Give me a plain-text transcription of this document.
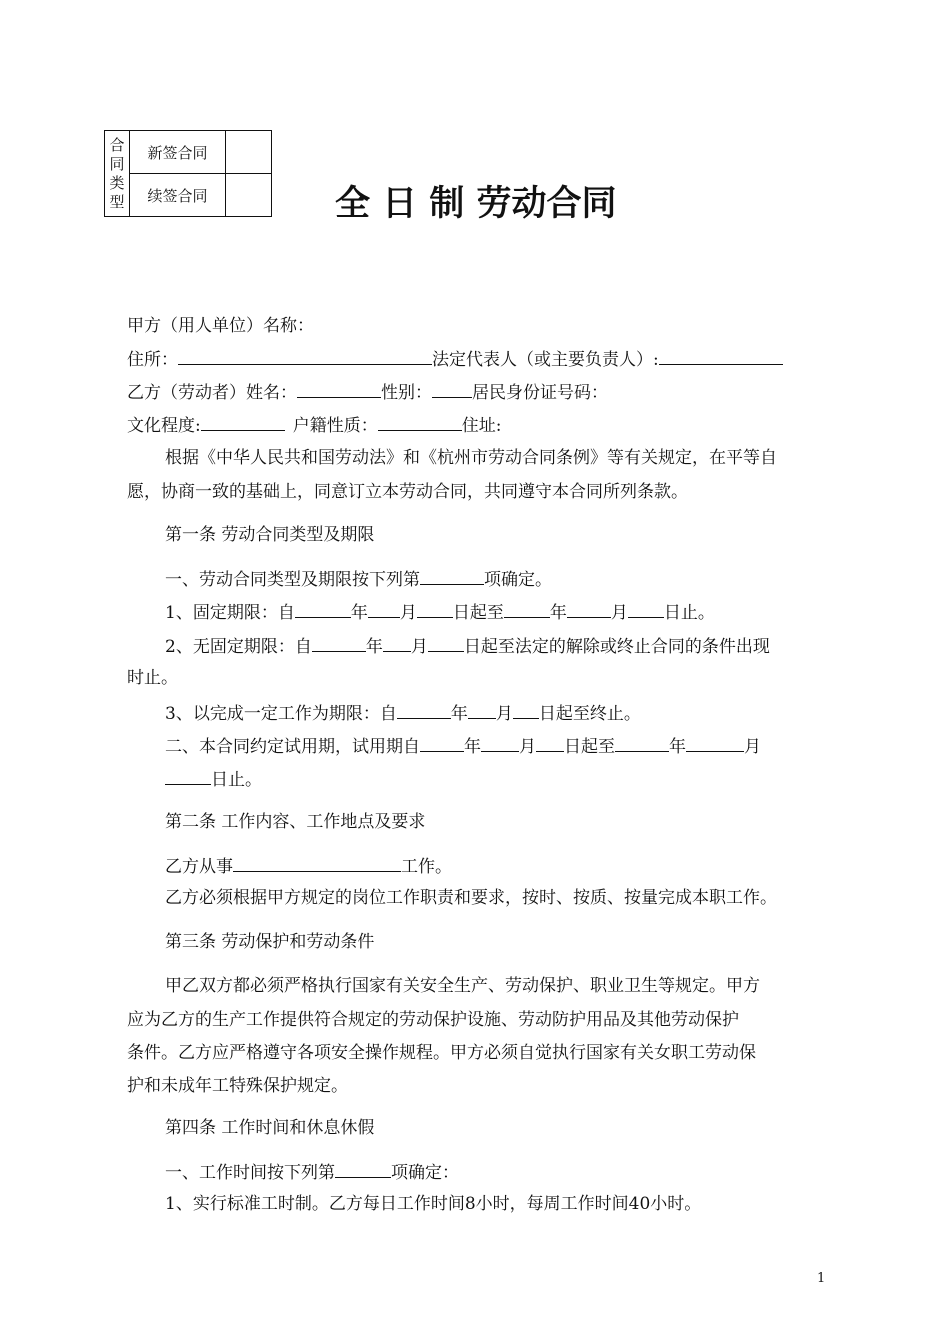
合同类型	新签合同	
	续签合同		全 日 制 劳动合同
甲方（用人单位）名称：
住所：	法定代表人（或主要负责人）:
乙方（劳动者）姓名：	性别： 居民身份证号码：
文化程度:	户籍性质：	住址:
根据《中华人民共和国劳动法》和《杭州市劳动合同条例》等有关规定，在平等自
愿，协商一致的基础上，同意订立本劳动合同，共同遵守本合同所列条款。
第一条 劳动合同类型及期限
一、劳动合同类型及期限按下列第	项确定。
1、固定期限：自	年 月 日起至	年	月 日止。
2、无固定期限：自	年 月 日起至法定的解除或终止合同的条件出现
时止。
3、以完成一定工作为期限：自	年 月 日起至终止。
二、本合同约定试用期，试用期自	年 月 日起至	年	月
日止。
第二条 工作内容、工作地点及要求
乙方从事	工作。
乙方必须根据甲方规定的岗位工作职责和要求，按时、按质、按量完成本职工作。
第三条 劳动保护和劳动条件
甲乙双方都必须严格执行国家有关安全生产、劳动保护、职业卫生等规定。甲方
应为乙方的生产工作提供符合规定的劳动保护设施、劳动防护用品及其他劳动保护
条件。乙方应严格遵守各项安全操作规程。甲方必须自觉执行国家有关女职工劳动保
护和未成年工特殊保护规定。
第四条 工作时间和休息休假
一、工作时间按下列第	项确定：
1、实行标准工时制。乙方每日工作时间8小时，每周工作时间40小时。
1
